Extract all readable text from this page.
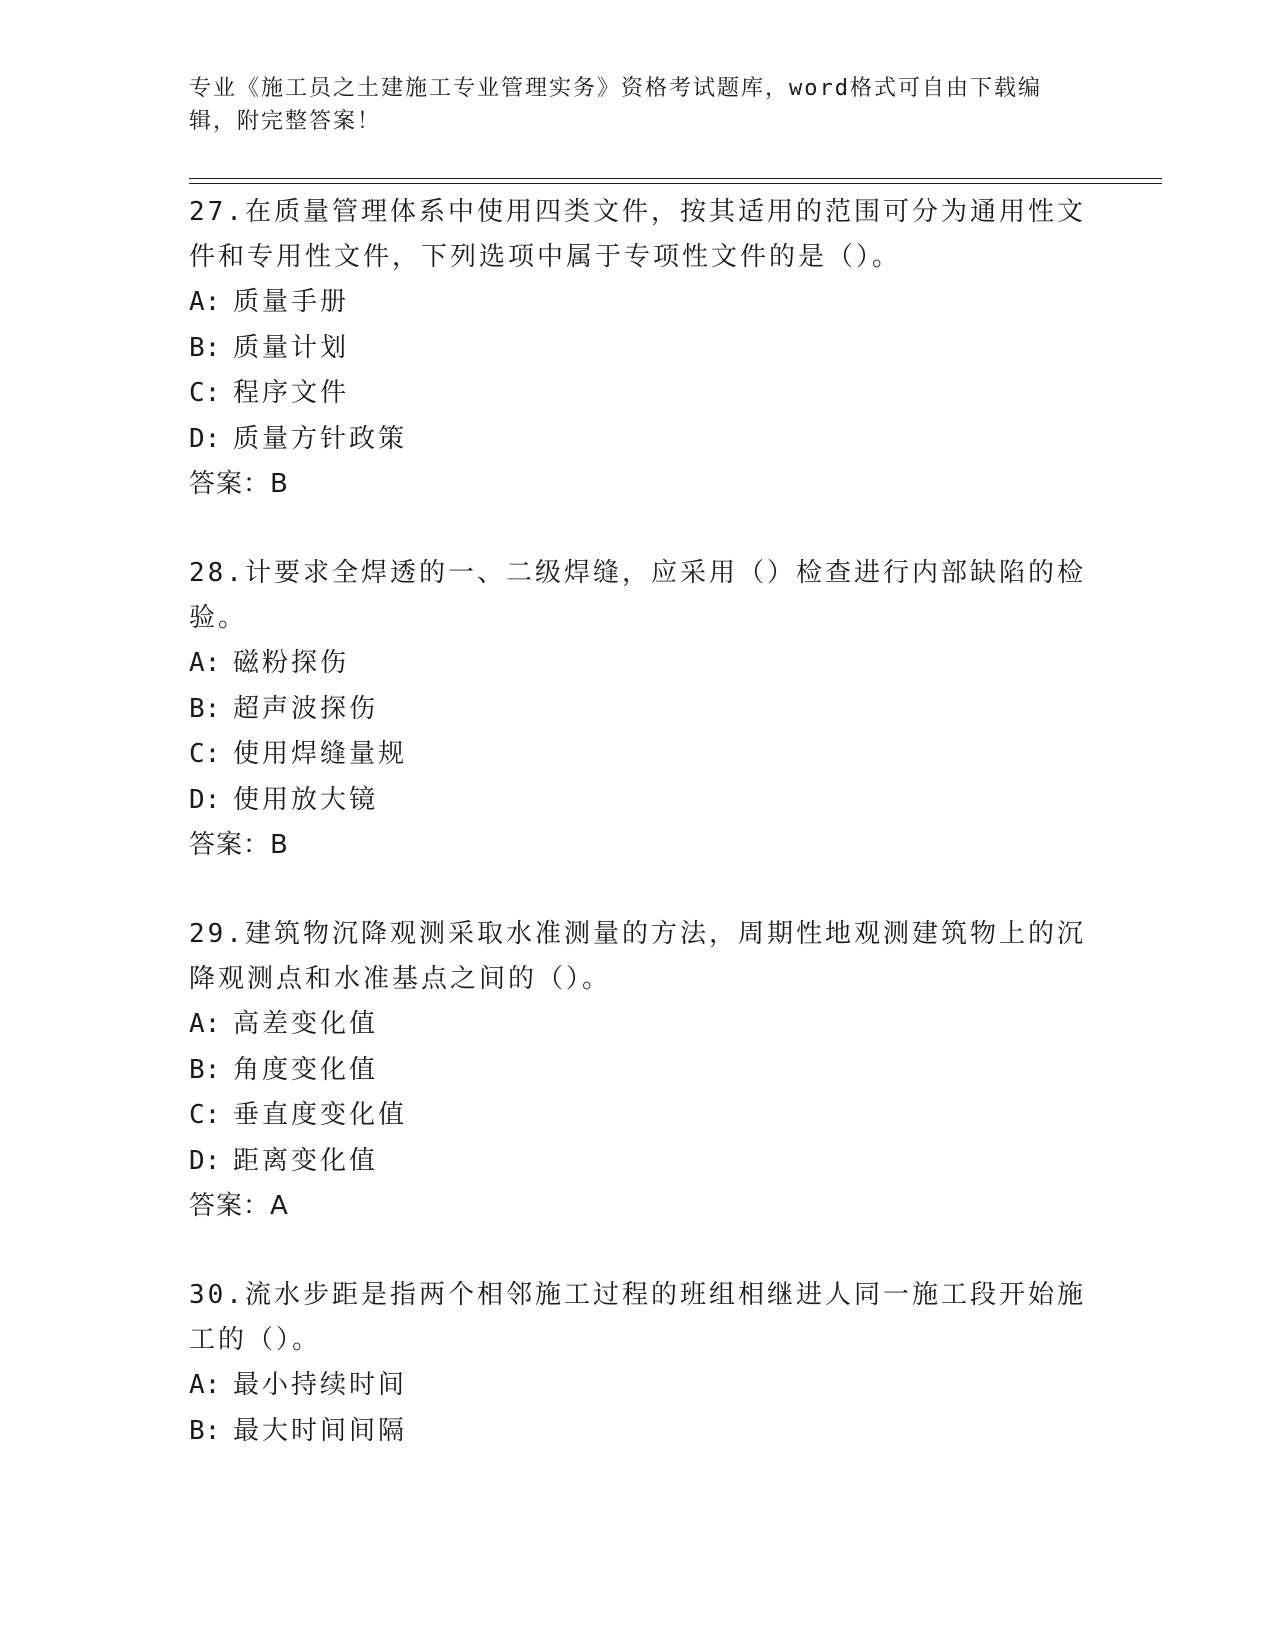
专业《施工员之土建施工专业管理实务》资格考试题库，word格式可自由下载编辑，附完整答案！
27.在质量管理体系中使用四类文件，按其适用的范围可分为通用性文件和专用性文件，下列选项中属于专项性文件的是（）。
A: 质量手册
B: 质量计划
C: 程序文件
D: 质量方针政策
答案：B
28.计要求全焊透的一、二级焊缝，应采用（）检查进行内部缺陷的检验。
A: 磁粉探伤
B: 超声波探伤
C: 使用焊缝量规
D: 使用放大镜
答案：B
29.建筑物沉降观测采取水准测量的方法，周期性地观测建筑物上的沉降观测点和水准基点之间的（）。
A: 高差变化值
B: 角度变化值
C: 垂直度变化值
D: 距离变化值
答案：A
30.流水步距是指两个相邻施工过程的班组相继进人同一施工段开始施工的（）。
A: 最小持续时间
B: 最大时间间隔
